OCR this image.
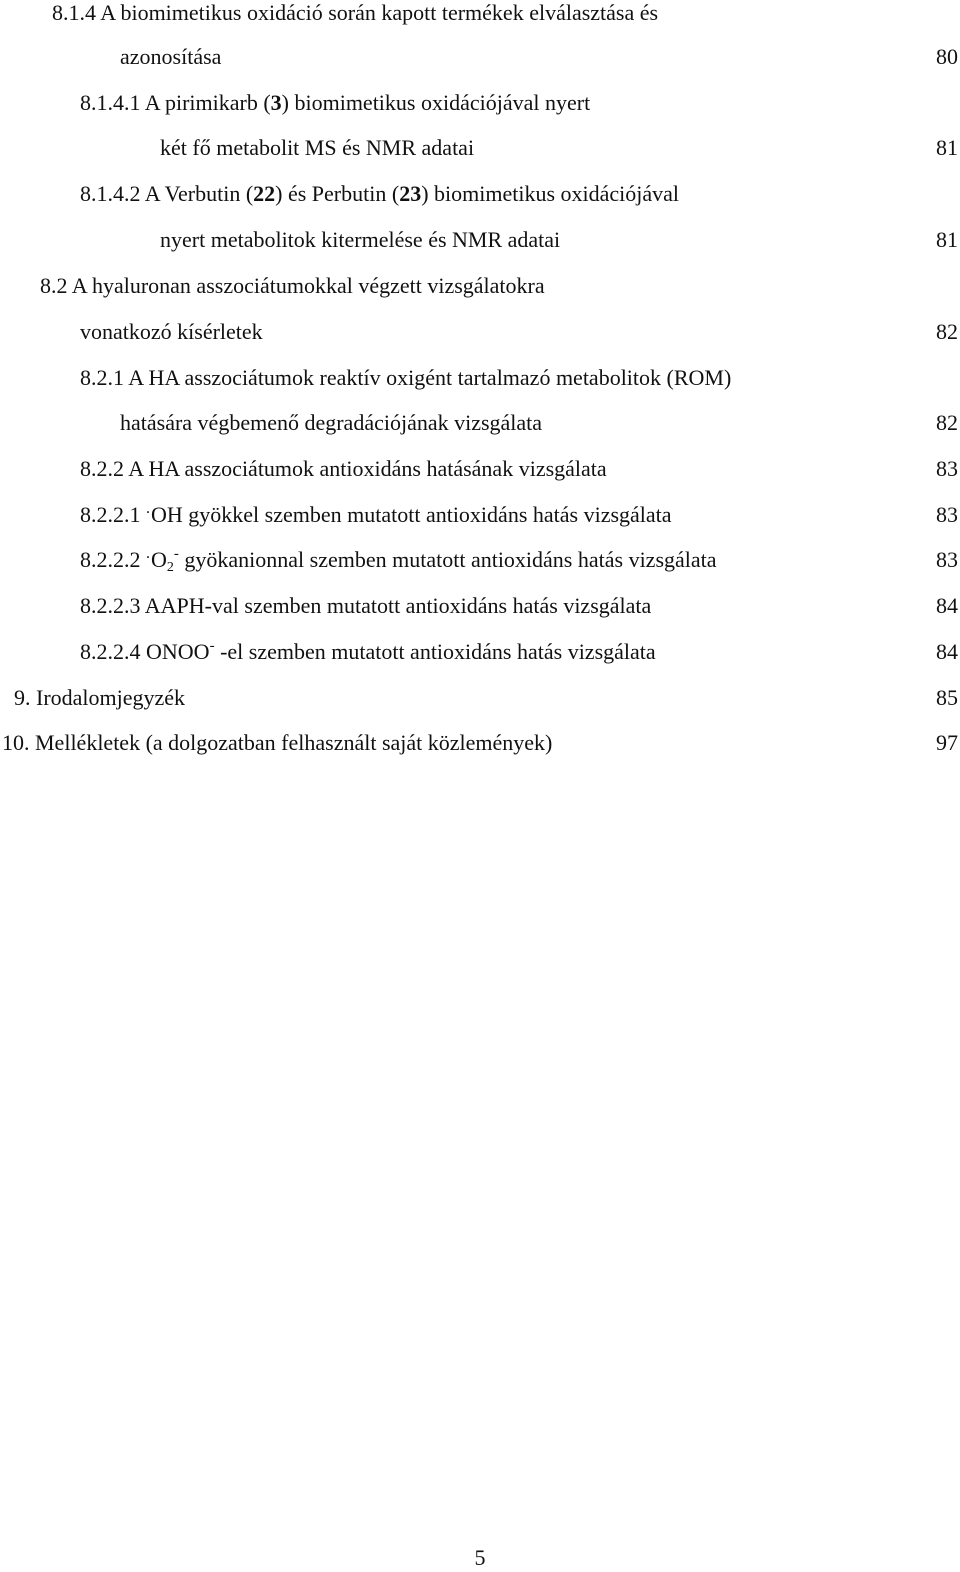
8.1.4 A biomimetikus oxidáció során kapott termékek elválasztása és
azonosítása	80
8.1.4.1 A pirimikarb (3) biomimetikus oxidációjával nyert
két fő metabolit MS és NMR adatai	81
8.1.4.2 A Verbutin (22) és Perbutin (23) biomimetikus oxidációjával
nyert metabolitok kitermelése és NMR adatai	81
8.2 A hyaluronan asszociátumokkal végzett vizsgálatokra
vonatkozó kísérletek	82
8.2.1 A HA asszociátumok reaktív oxigént tartalmazó metabolitok (ROM)
hatására végbemenő degradációjának vizsgálata	82
8.2.2 A HA asszociátumok antioxidáns hatásának vizsgálata	83
8.2.2.1 .OH gyökkel szemben mutatott antioxidáns hatás vizsgálata	83
8.2.2.2 $.O_2^-$ gyökanionnal szemben mutatott antioxidáns hatás vizsgálata	83
8.2.2.3 AAPH-val szemben mutatott antioxidáns hatás vizsgálata	84
8.2.2.4 ONOO- -el szemben mutatott antioxidáns hatás vizsgálata	84
9. Irodalomjegyzék	85
10. Mellékletek (a dolgozatban felhasznált saját közlemények)	97
5
